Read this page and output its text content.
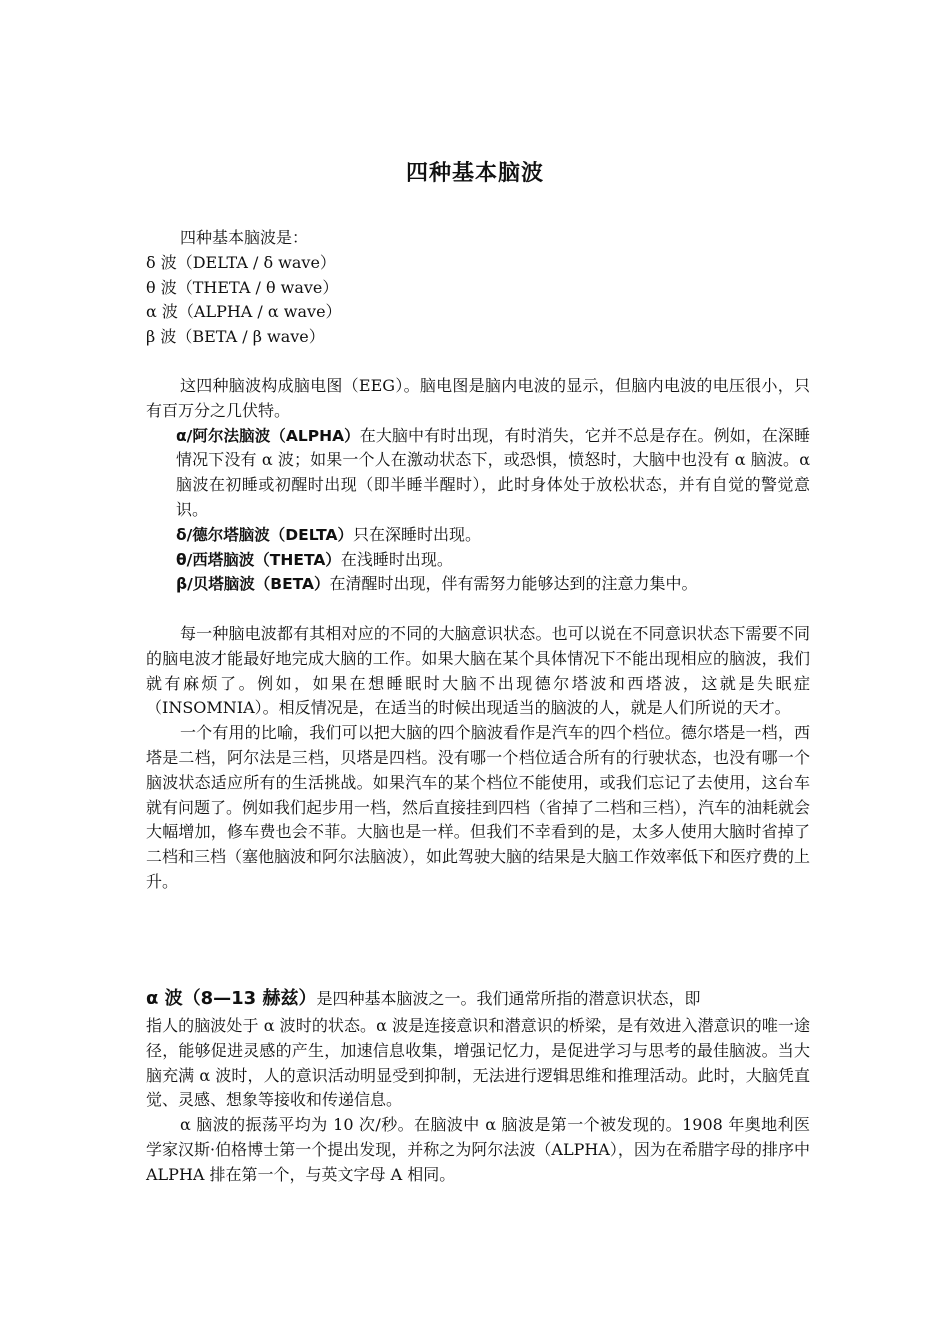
四种基本脑波
四种基本脑波是：
δ 波（DELTA / δ wave）
θ 波（THETA / θ wave）
α 波（ALPHA / α wave）
β 波（BETA / β wave）

这四种脑波构成脑电图（EEG）。脑电图是脑内电波的显示，但脑内电波的电压很小，只有百万分之几伏特。

α/阿尔法脑波（ALPHA）在大脑中有时出现，有时消失，它并不总是存在。例如，在深睡情况下没有 α 波；如果一个人在激动状态下，或恐惧，愤怒时，大脑中也没有 α 脑波。α 脑波在初睡或初醒时出现（即半睡半醒时），此时身体处于放松状态，并有自觉的警觉意识。

δ/德尔塔脑波（DELTA）只在深睡时出现。

θ/西塔脑波（THETA）在浅睡时出现。

β/贝塔脑波（BETA）在清醒时出现，伴有需努力能够达到的注意力集中。

每一种脑电波都有其相对应的不同的大脑意识状态。也可以说在不同意识状态下需要不同的脑电波才能最好地完成大脑的工作。如果大脑在某个具体情况下不能出现相应的脑波，我们就有麻烦了。例如，如果在想睡眠时大脑不出现德尔塔波和西塔波，这就是失眠症（INSOMNIA）。相反情况是，在适当的时候出现适当的脑波的人，就是人们所说的天才。

一个有用的比喻，我们可以把大脑的四个脑波看作是汽车的四个档位。德尔塔是一档，西塔是二档，阿尔法是三档，贝塔是四档。没有哪一个档位适合所有的行驶状态，也没有哪一个脑波状态适应所有的生活挑战。如果汽车的某个档位不能使用，或我们忘记了去使用，这台车就有问题了。例如我们起步用一档，然后直接挂到四档（省掉了二档和三档），汽车的油耗就会大幅增加，修车费也会不菲。大脑也是一样。但我们不幸看到的是，太多人使用大脑时省掉了二档和三档（塞他脑波和阿尔法脑波），如此驾驶大脑的结果是大脑工作效率低下和医疗费的上升。

α 波（8—13 赫兹）是四种基本脑波之一。我们通常所指的潜意识状态，即

指人的脑波处于 α 波时的状态。α 波是连接意识和潜意识的桥梁，是有效进入潜意识的唯一途径，能够促进灵感的产生，加速信息收集，增强记忆力，是促进学习与思考的最佳脑波。当大脑充满 α 波时，人的意识活动明显受到抑制，无法进行逻辑思维和推理活动。此时，大脑凭直觉、灵感、想象等接收和传递信息。

α 脑波的振荡平均为 10 次/秒。在脑波中 α 脑波是第一个被发现的。1908 年奥地利医学家汉斯·伯格博士第一个提出发现，并称之为阿尔法波（ALPHA），因为在希腊字母的排序中 ALPHA 排在第一个，与英文字母 A 相同。
